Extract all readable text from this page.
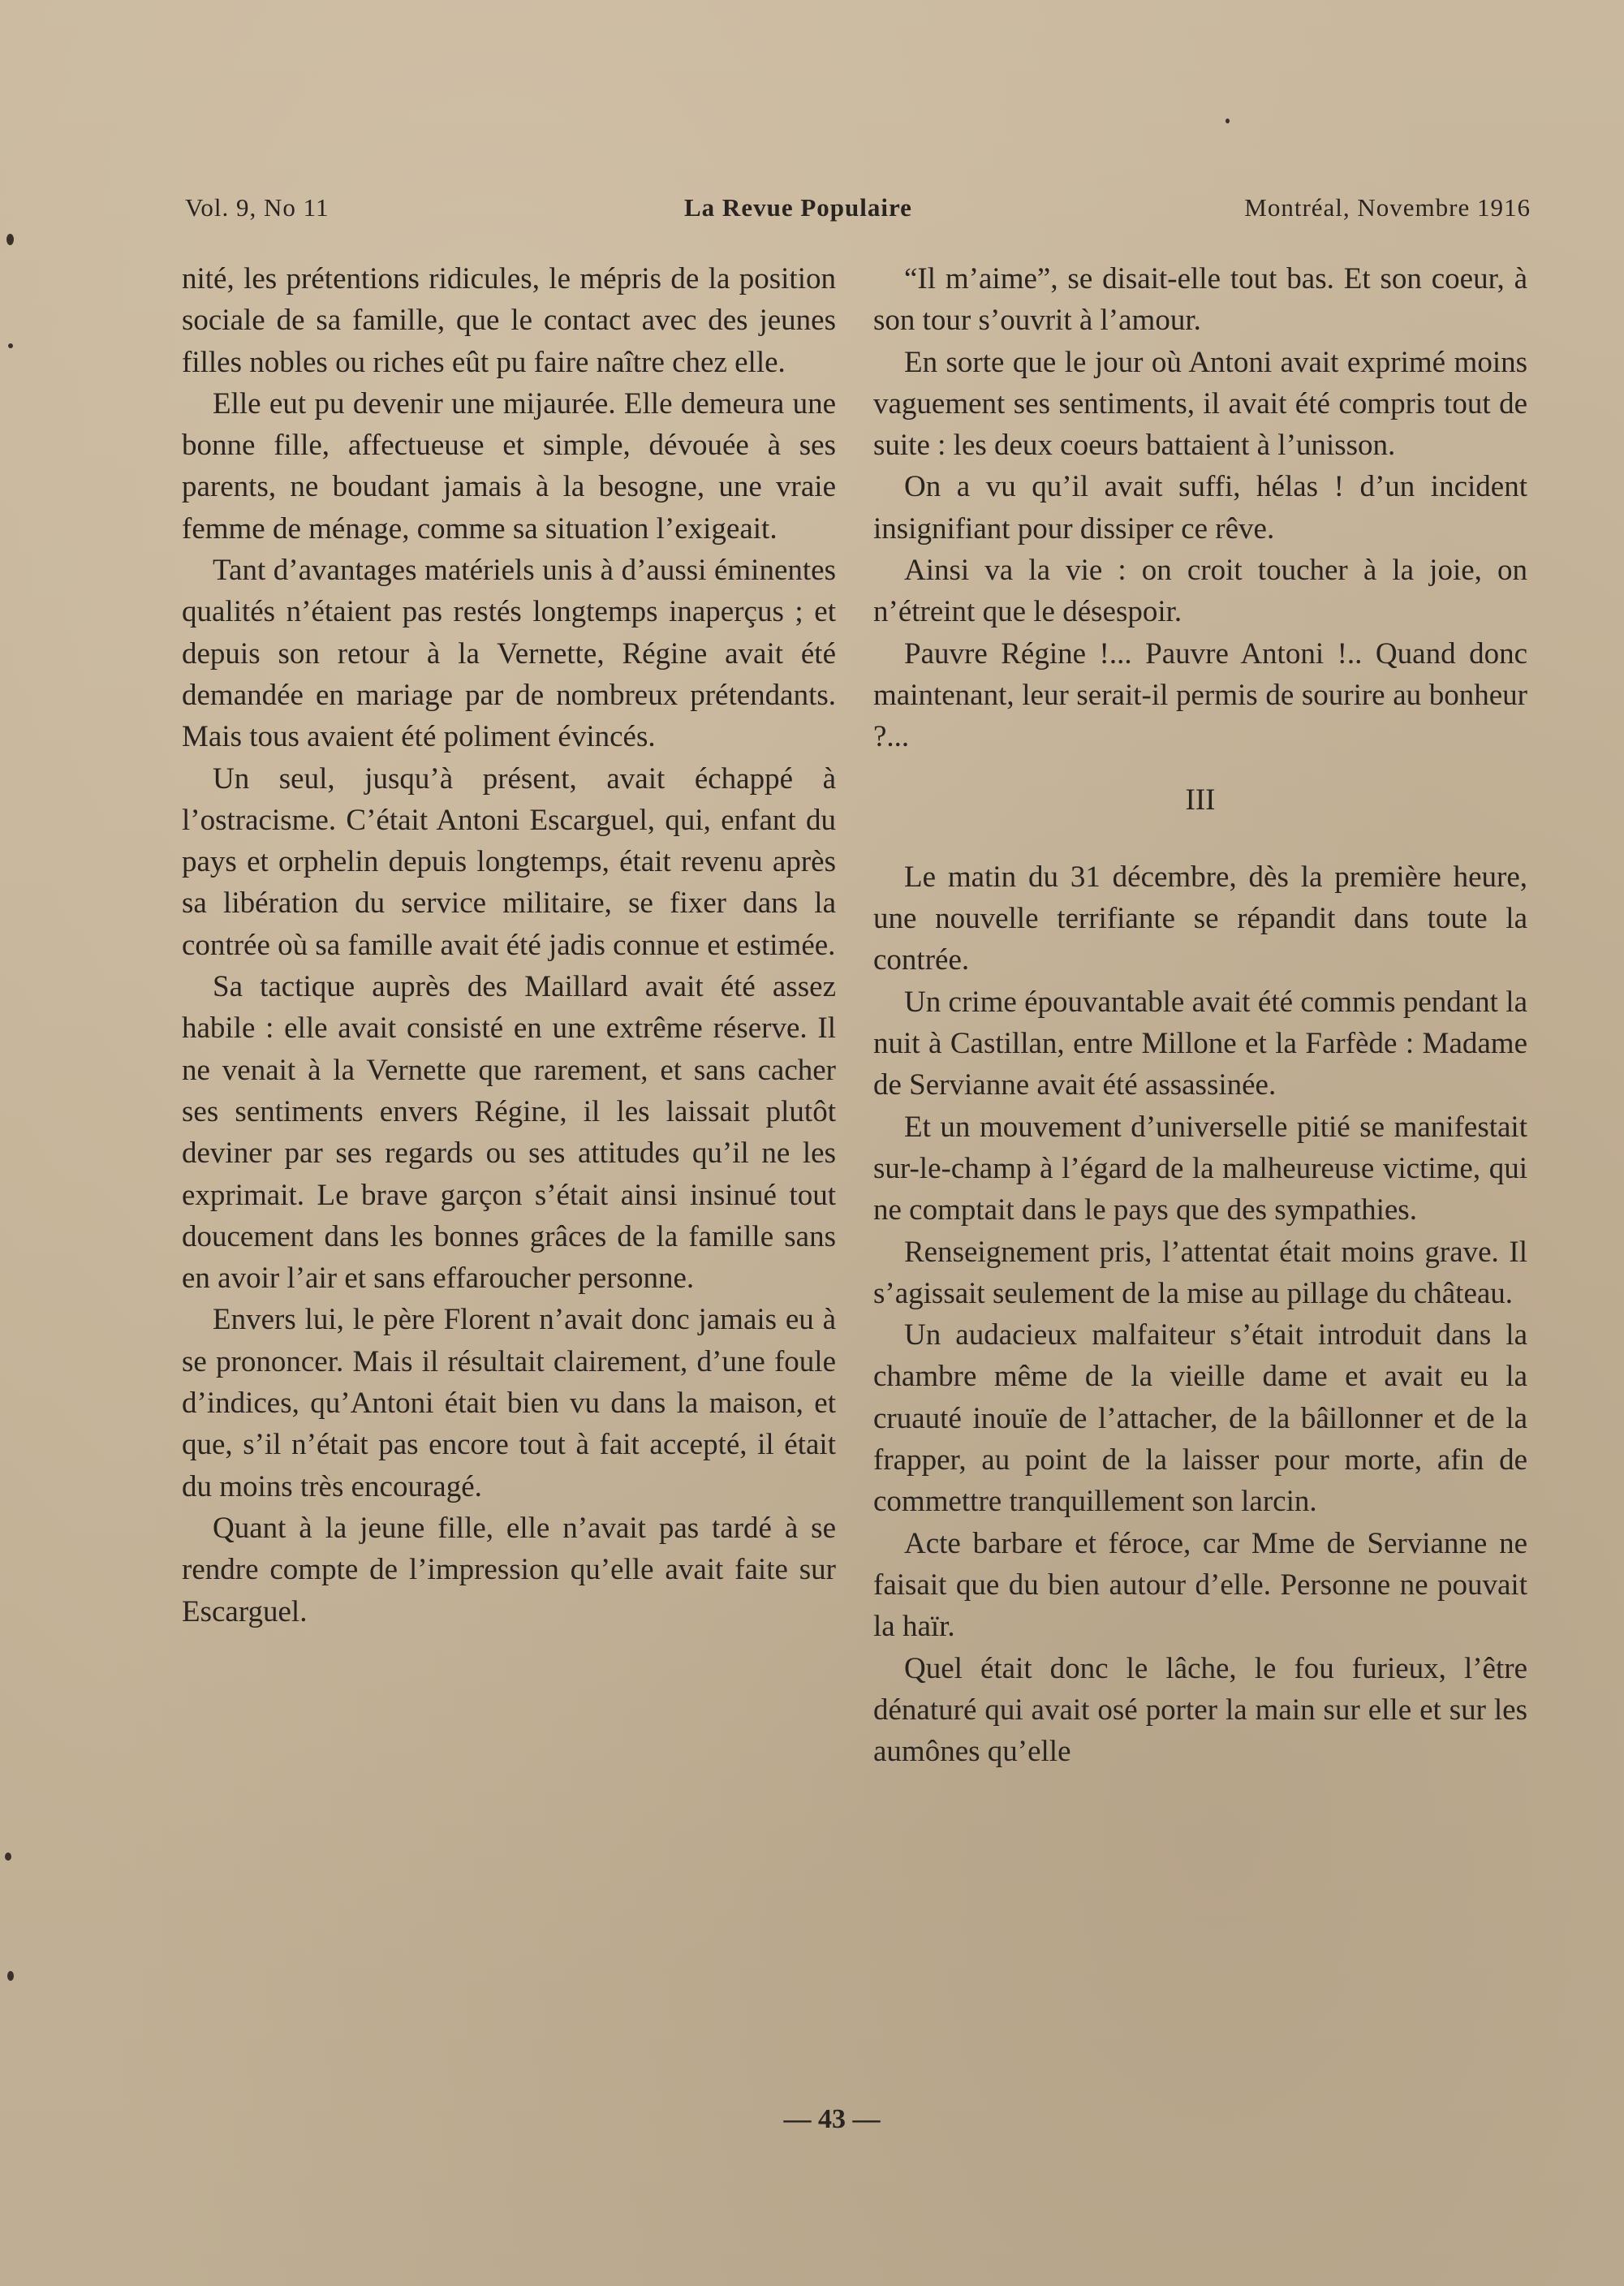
Vol. 9, No 11	La Revue Populaire	Montréal, Novembre 1916

nité, les prétentions ridicules, le mépris de la position sociale de sa famille, que le contact avec des jeunes filles nobles ou riches eût pu faire naître chez elle.

Elle eut pu devenir une mijaurée. Elle demeura une bonne fille, affectueuse et simple, dévouée à ses parents, ne boudant jamais à la besogne, une vraie femme de ménage, comme sa situation l’exigeait.

Tant d’avantages matériels unis à d’aussi éminentes qualités n’étaient pas restés longtemps inaperçus ; et depuis son retour à la Vernette, Régine avait été demandée en mariage par de nombreux prétendants. Mais tous avaient été poliment évincés.

Un seul, jusqu’à présent, avait échappé à l’ostracisme. C’était Antoni Escarguel, qui, enfant du pays et orphelin depuis longtemps, était revenu après sa libération du service militaire, se fixer dans la contrée où sa famille avait été jadis connue et estimée.

Sa tactique auprès des Maillard avait été assez habile : elle avait consisté en une extrême réserve. Il ne venait à la Vernette que rarement, et sans cacher ses sentiments envers Régine, il les laissait plutôt deviner par ses regards ou ses attitudes qu’il ne les exprimait. Le brave garçon s’était ainsi insinué tout doucement dans les bonnes grâces de la famille sans en avoir l’air et sans effaroucher personne.

Envers lui, le père Florent n’avait donc jamais eu à se prononcer. Mais il résultait clairement, d’une foule d’indices, qu’Antoni était bien vu dans la maison, et que, s’il n’était pas encore tout à fait accepté, il était du moins très encouragé.

Quant à la jeune fille, elle n’avait pas tardé à se rendre compte de l’impression qu’elle avait faite sur Escarguel.

“Il m’aime”, se disait-elle tout bas. Et son coeur, à son tour s’ouvrit à l’amour.

En sorte que le jour où Antoni avait exprimé moins vaguement ses sentiments, il avait été compris tout de suite : les deux coeurs battaient à l’unisson.

On a vu qu’il avait suffi, hélas ! d’un incident insignifiant pour dissiper ce rêve.

Ainsi va la vie : on croit toucher à la joie, on n’étreint que le désespoir.

Pauvre Régine !... Pauvre Antoni !.. Quand donc maintenant, leur serait-il permis de sourire au bonheur ?...

III

Le matin du 31 décembre, dès la première heure, une nouvelle terrifiante se répandit dans toute la contrée.

Un crime épouvantable avait été commis pendant la nuit à Castillan, entre Millone et la Farfède : Madame de Servianne avait été assassinée.

Et un mouvement d’universelle pitié se manifestait sur-le-champ à l’égard de la malheureuse victime, qui ne comptait dans le pays que des sympathies.

Renseignement pris, l’attentat était moins grave. Il s’agissait seulement de la mise au pillage du château.

Un audacieux malfaiteur s’était introduit dans la chambre même de la vieille dame et avait eu la cruauté inouïe de l’attacher, de la bâillonner et de la frapper, au point de la laisser pour morte, afin de commettre tranquillement son larcin.

Acte barbare et féroce, car Mme de Servianne ne faisait que du bien autour d’elle. Personne ne pouvait la haïr.

Quel était donc le lâche, le fou furieux, l’être dénaturé qui avait osé porter la main sur elle et sur les aumônes qu’elle

— 43 —
